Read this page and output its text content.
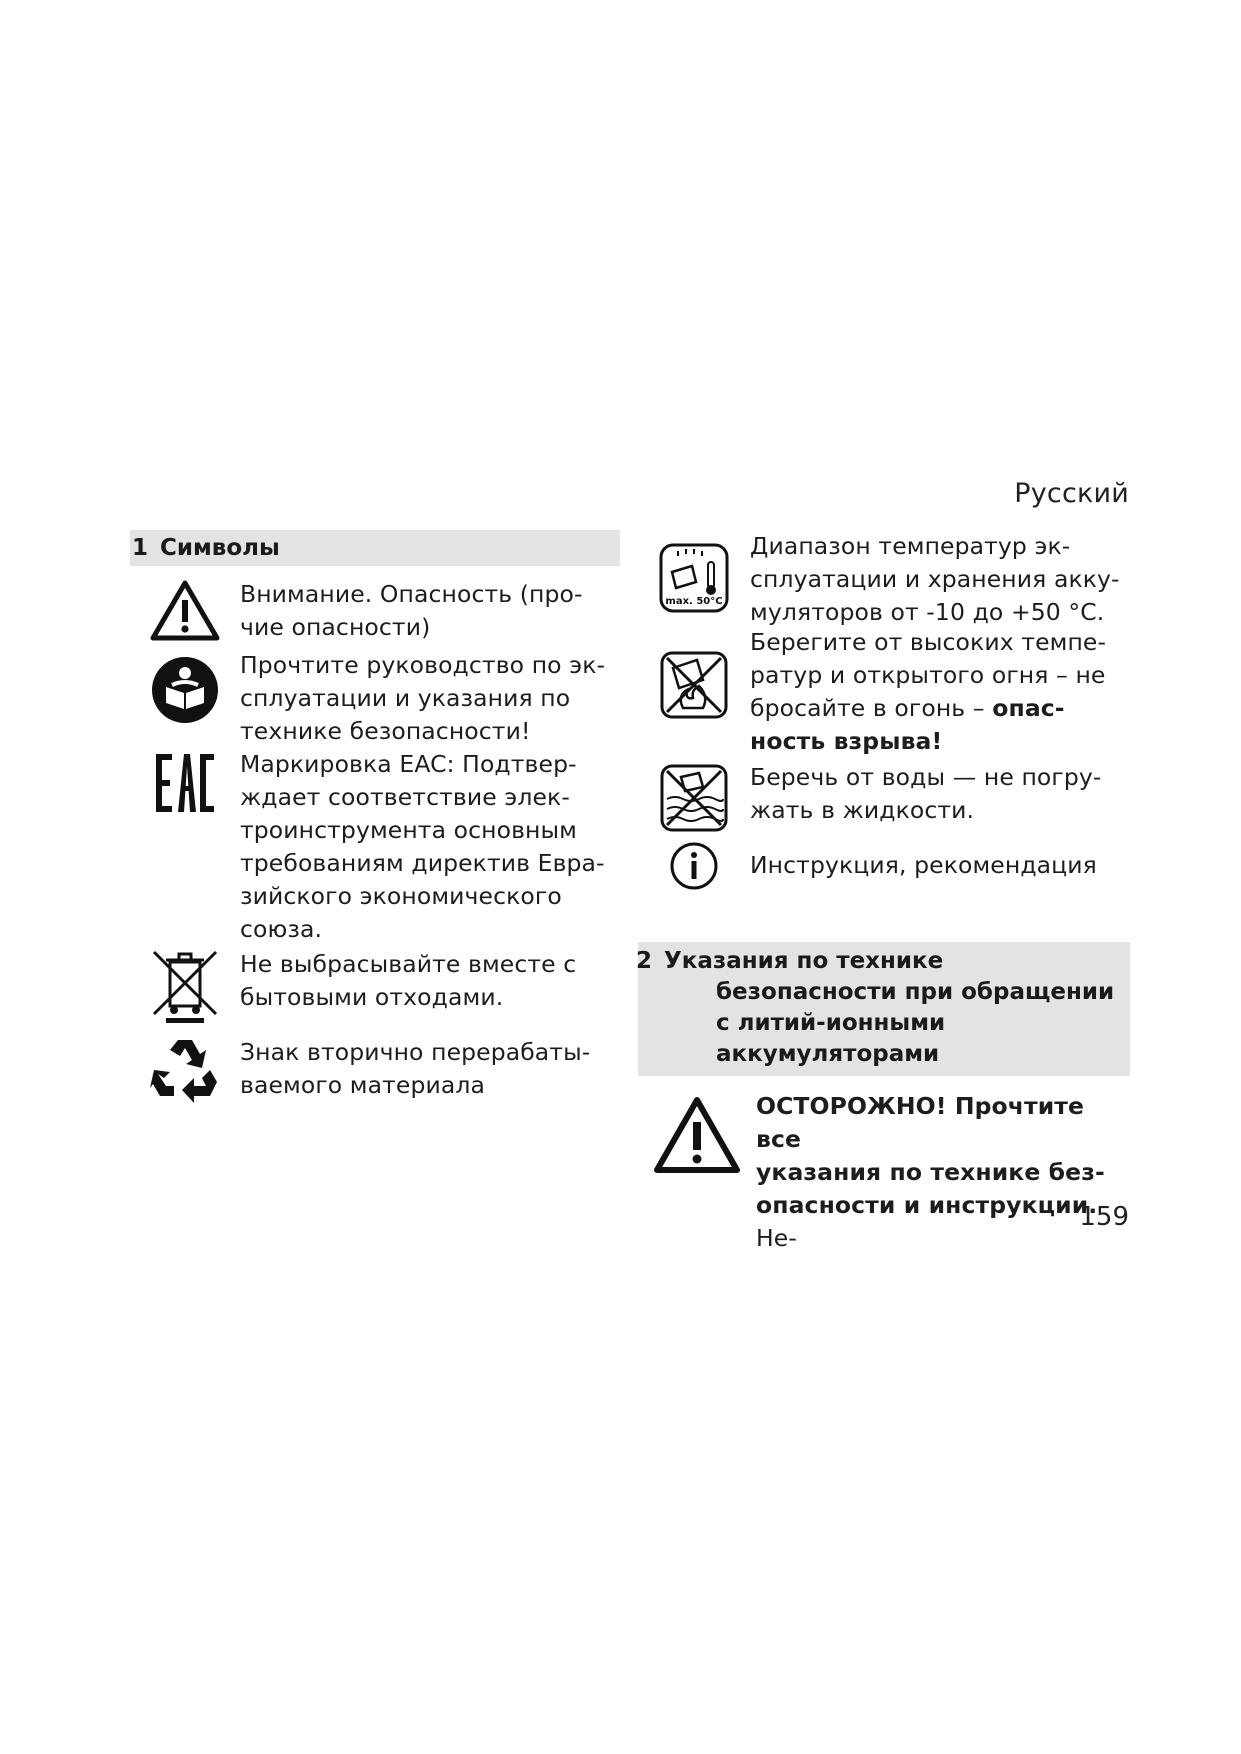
Русский
1 Символы
Внимание. Опасность (про-
чие опасности)
Прочтите руководство по эк-
сплуатации и указания по
технике безопасности!
Маркировка EAC: Подтвер-
ждает соответствие элек-
троинструмента основным
требованиям директив Евра-
зийского экономического
союза.
Не выбрасывайте вместе с
бытовыми отходами.
Знак вторично перерабаты-
ваемого материала
max. 50°C
Диапазон температур эк-
сплуатации и хранения акку-
муляторов от -10 до +50 °C.
Берегите от высоких темпе-
ратур и открытого огня – не
бросайте в огонь – опас-
ность взрыва!
Беречь от воды — не погру-
жать в жидкости.
Инструкция, рекомендация
2 Указания по технике
безопасности при обращении
с литий-ионными
аккумуляторами
ОСТОРОЖНО! Прочтите все
указания по технике без-
опасности и инструкции. Не-
159
